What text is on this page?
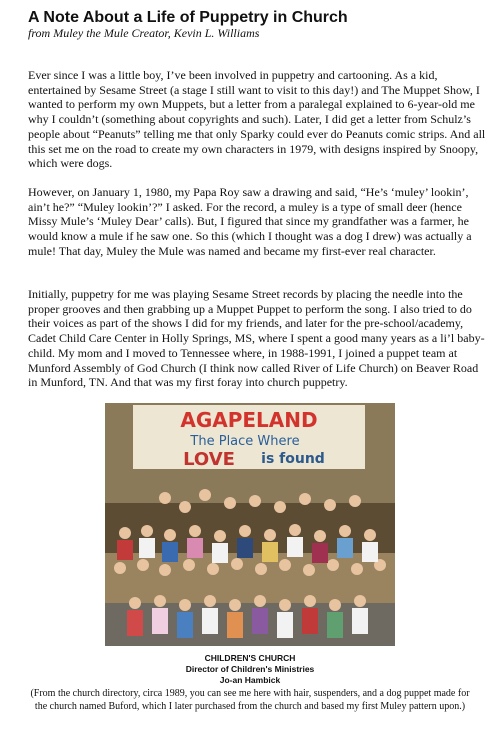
A Note About a Life of Puppetry in Church
from Muley the Mule Creator, Kevin L. Williams

Ever since I was a little boy, I’ve been involved in puppetry and cartooning. As a kid, entertained by Sesame Street (a stage I still want to visit to this day!) and The Muppet Show, I wanted to perform my own Muppets, but a letter from a paralegal explained to 6-year-old me why I couldn’t (something about copyrights and such). Later, I did get a letter from Schulz’s people about “Peanuts” telling me that only Sparky could ever do Peanuts comic strips. And all this set me on the road to create my own characters in 1979, with designs inspired by Snoopy, which were dogs.

However, on January 1, 1980, my Papa Roy saw a drawing and said, “He’s ‘muley’ lookin’, ain’t he?” “Muley lookin’?” I asked. For the record, a muley is a type of small deer (hence Missy Mule’s ‘Muley Dear’ calls). But, I figured that since my grandfather was a farmer, he would know a mule if he saw one. So this (which I thought was a dog I drew) was actually a mule! That day, Muley the Mule was named and became my first-ever real character.

Initially, puppetry for me was playing Sesame Street records by placing the needle into the proper grooves and then grabbing up a Muppet Puppet to perform the song. I also tried to do their voices as part of the shows I did for my friends, and later for the pre-school/academy, Cadet Child Care Center in Holly Springs, MS, where I spent a good many years as a li’l baby-child. My mom and I moved to Tennessee where, in 1988-1991, I joined a puppet team at Munford Assembly of God Church (I think now called River of Life Church) on Beaver Road in Munford, TN. And that was my first foray into church puppetry.

AGAPELAND
The Place Where
LOVE is found
CHILDREN'S CHURCH
Director of Children's Ministries
Jo-an Hambick
(From the church directory, circa 1989, you can see me here with hair, suspenders, and a dog puppet made for the church named Buford, which I later purchased from the church and based my first Muley pattern upon.)
